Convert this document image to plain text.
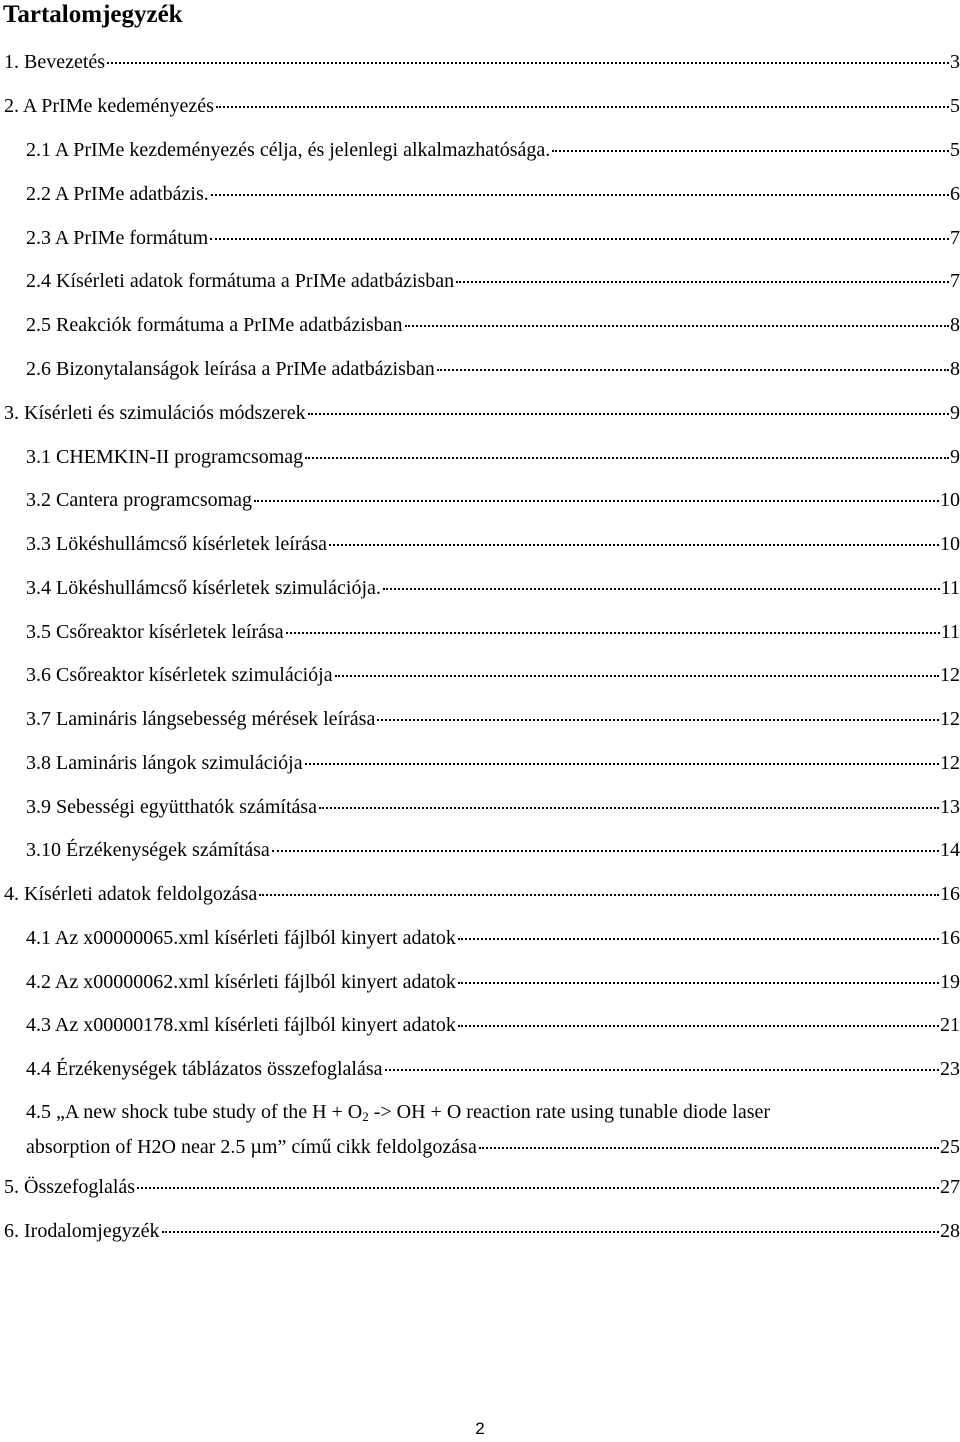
Tartalomjegyzék
1. Bevezetés	3
2. A PrIMe kedeményezés	5
2.1 A PrIMe kezdeményezés célja, és jelenlegi alkalmazhatósága.	5
2.2 A PrIMe adatbázis.	6
2.3 A PrIMe formátum	7
2.4 Kísérleti adatok formátuma a PrIMe adatbázisban	7
2.5 Reakciók formátuma a PrIMe adatbázisban	8
2.6 Bizonytalanságok leírása a PrIMe adatbázisban	8
3. Kísérleti és szimulációs módszerek	9
3.1 CHEMKIN-II programcsomag	9
3.2 Cantera programcsomag	10
3.3 Lökéshullámcső kísérletek leírása	10
3.4 Lökéshullámcső kísérletek szimulációja.	11
3.5 Csőreaktor kísérletek leírása	11
3.6 Csőreaktor kísérletek szimulációja	12
3.7 Lamináris lángsebesség mérések leírása	12
3.8 Lamináris lángok szimulációja	12
3.9 Sebességi együtthatók számítása	13
3.10 Érzékenységek számítása	14
4. Kísérleti adatok feldolgozása	16
4.1 Az x00000065.xml kísérleti fájlból kinyert adatok	16
4.2 Az x00000062.xml kísérleti fájlból kinyert adatok	19
4.3 Az x00000178.xml kísérleti fájlból kinyert adatok	21
4.4 Érzékenységek táblázatos összefoglalása	23
4.5 „A new shock tube study of the $H + O_2$ -> OH + O reaction rate using tunable diode laser
absorption of H2O near 2.5 µm” című cikk feldolgozása	25
5. Összefoglalás	27
6. Irodalomjegyzék	28
2
